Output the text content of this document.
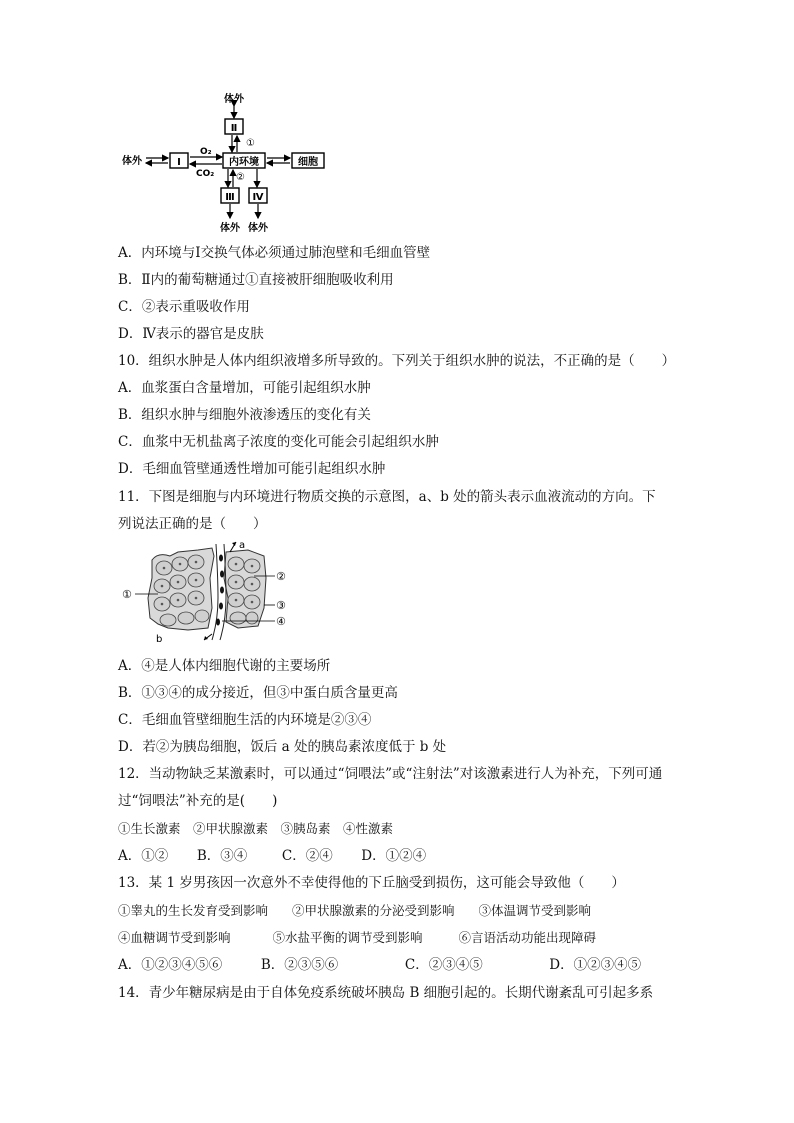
体外
Ⅱ
①
体外	Ⅰ
O₂
CO₂
内环境	细胞
②
Ⅲ
体外
Ⅳ
体外
A．内环境与Ⅰ交换气体必须通过肺泡壁和毛细血管壁
B．Ⅱ内的葡萄糖通过①直接被肝细胞吸收利用
C．②表示重吸收作用
D．Ⅳ表示的器官是皮肤
10．组织水肿是人体内组织液增多所导致的。下列关于组织水肿的说法，不正确的是（　　）
A．血浆蛋白含量增加，可能引起组织水肿
B．组织水肿与细胞外液渗透压的变化有关
C．血浆中无机盐离子浓度的变化可能会引起组织水肿
D．毛细血管壁通透性增加可能引起组织水肿
11．下图是细胞与内环境进行物质交换的示意图，a、b 处的箭头表示血液流动的方向。下
列说法正确的是（　　）
a
b
①
②
③
④
A．④是人体内细胞代谢的主要场所
B．①③④的成分接近，但③中蛋白质含量更高
C．毛细血管壁细胞生活的内环境是②③④
D．若②为胰岛细胞，饭后 a 处的胰岛素浓度低于 b 处
12．当动物缺乏某激素时，可以通过“饲喂法”或“注射法”对该激素进行人为补充，下列可通
过“饲喂法”补充的是(　　)
①生长激素　②甲状腺激素　③胰岛素　④性激素
A．①② B．③④	C．②④ D．①②④
13．某 1 岁男孩因一次意外不幸使得他的下丘脑受到损伤，这可能会导致他（　　）
①睾丸的生长发育受到影响 ②甲状腺激素的分泌受到影响 ③体温调节受到影响
④血糖调节受到影响	⑤水盐平衡的调节受到影响	⑥言语活动功能出现障碍
A．①②③④⑤⑥	B．②③⑤⑥	C．②③④⑤	D．①②③④⑤
14．青少年糖尿病是由于自体免疫系统破坏胰岛 B 细胞引起的。长期代谢紊乱可引起多系
